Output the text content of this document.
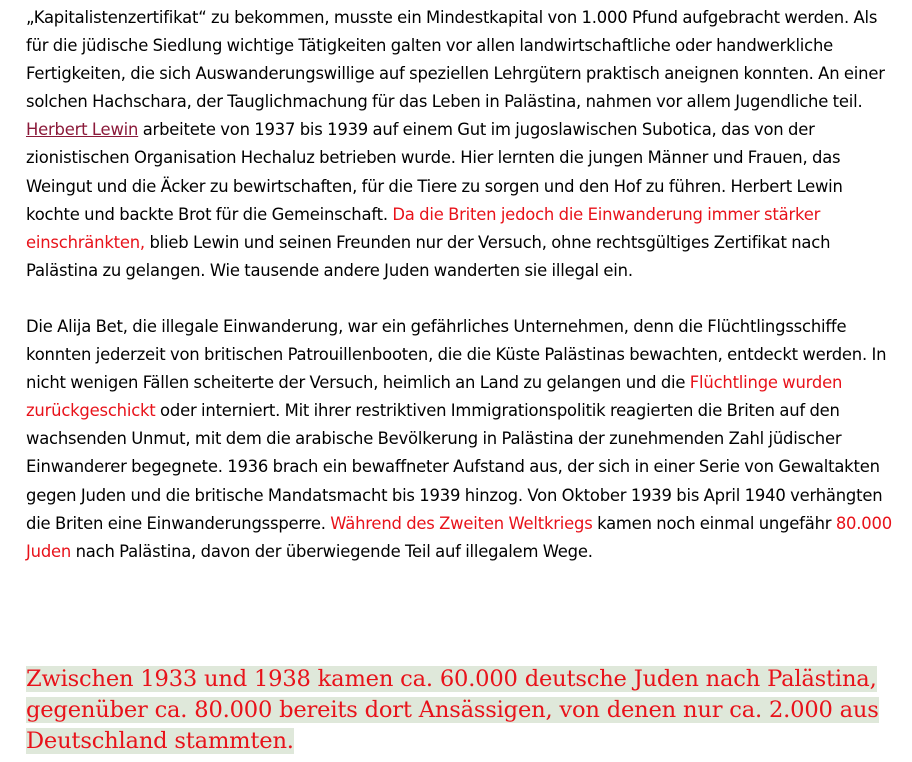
„Kapitalistenzertifikat“ zu bekommen, musste ein Mindestkapital von 1.000 Pfund aufgebracht werden. Als für die jüdische Siedlung wichtige Tätigkeiten galten vor allen landwirtschaftliche oder handwerkliche Fertigkeiten, die sich Auswanderungswillige auf speziellen Lehrgütern praktisch aneignen konnten. An einer solchen Hachschara, der Tauglichmachung für das Leben in Palästina, nahmen vor allem Jugendliche teil. Herbert Lewin arbeitete von 1937 bis 1939 auf einem Gut im jugoslawischen Subotica, das von der zionistischen Organisation Hechaluz betrieben wurde. Hier lernten die jungen Männer und Frauen, das Weingut und die Äcker zu bewirtschaften, für die Tiere zu sorgen und den Hof zu führen. Herbert Lewin kochte und backte Brot für die Gemeinschaft. Da die Briten jedoch die Einwanderung immer stärker einschränkten, blieb Lewin und seinen Freunden nur der Versuch, ohne rechtsgültiges Zertifikat nach Palästina zu gelangen. Wie tausende andere Juden wanderten sie illegal ein.

Die Alija Bet, die illegale Einwanderung, war ein gefährliches Unternehmen, denn die Flüchtlingsschiffe konnten jederzeit von britischen Patrouillenbooten, die die Küste Palästinas bewachten, entdeckt werden. In nicht wenigen Fällen scheiterte der Versuch, heimlich an Land zu gelangen und die Flüchtlinge wurden zurückgeschickt oder interniert. Mit ihrer restriktiven Immigrationspolitik reagierten die Briten auf den wachsenden Unmut, mit dem die arabische Bevölkerung in Palästina der zunehmenden Zahl jüdischer Einwanderer begegnete. 1936 brach ein bewaffneter Aufstand aus, der sich in einer Serie von Gewaltakten gegen Juden und die britische Mandatsmacht bis 1939 hinzog. Von Oktober 1939 bis April 1940 verhängten die Briten eine Einwanderungssperre. Während des Zweiten Weltkriegs kamen noch einmal ungefähr 80.000 Juden nach Palästina, davon der überwiegende Teil auf illegalem Wege.

Zwischen 1933 und 1938 kamen ca. 60.000 deutsche Juden nach Palästina, gegenüber ca. 80.000 bereits dort Ansässigen, von denen nur ca. 2.000 aus Deutschland stammten.
